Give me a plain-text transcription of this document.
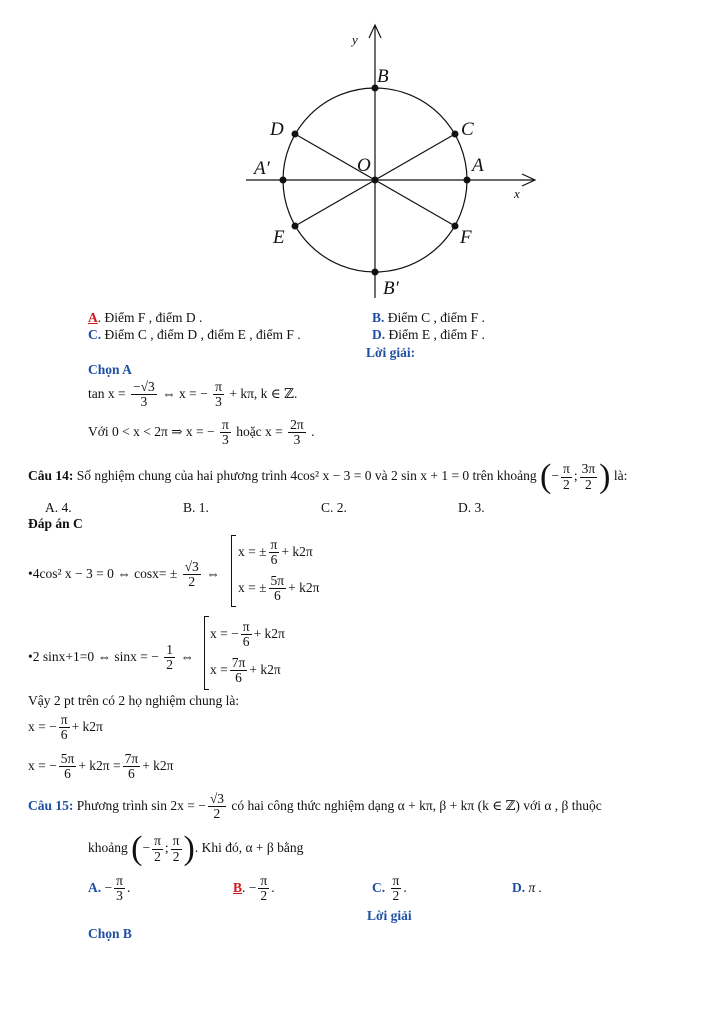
y
x
B
C
D
A′	O	A
E	F
B′
A. Điểm F , điểm D .	B. Điểm C , điểm F .
C. Điểm C , điểm D , điểm E , điểm F .	D. Điểm E , điểm F .
Lời giải:
Chọn A
$\tan x = \frac{-√3}{3}$ ⇔ x = − $\frac{\pi}{3} + k\pi$, k ∈ ℤ.
Với 0 < x < 2π ⇒ x = − $\frac{\pi}{3}$ hoặc $x = \frac{2\pi}{3}$ .
Câu 14: Số nghiệm chung của hai phương trình 4cos² x − 3 = 0 và 2 sin x + 1 = 0 trên khoảng (− $\frac{\pi}{2}$ ; $\frac{3\pi}{2}$ ) là:
A. 4.	B. 1.	C. 2.	D. 3.
Đáp án C
•4cos² x − 3 = 0 ⇔ $\cos x= \pm \frac{√3}{2}$ ⇔
x = ± $\frac{\pi}{6} + k2\pi$
x = ± $\frac{5\pi}{6} + k2\pi$
•2 sinx+1=0 ⇔ sinx = − $\frac{1}{2}$ ⇔
x = − $\frac{\pi}{6} + k2\pi$
$x = \frac{7\pi}{6} + k2\pi$
Vậy 2 pt trên có 2 họ nghiệm chung là:
x = − $\frac{\pi}{6} + k2\pi$
x = − $\frac{5\pi}{6} + k2\pi = \frac{7\pi}{6} + k2\pi$
Câu 15: Phương trình sin 2x = − $\frac{√3}{2}$ có hai công thức nghiệm dạng α + kπ, β + kπ (k ∈ ℤ) với α , β thuộc
khoảng (− $\frac{\pi}{2}$ ; $\frac{\pi}{2}$ ). Khi đó, α + β bằng
A. − $\frac{\pi}{3}$ .	B. − $\frac{\pi}{2}$ .	C. $\frac{\pi}{2}$ .	D. π .
Lời giải
Chọn B
